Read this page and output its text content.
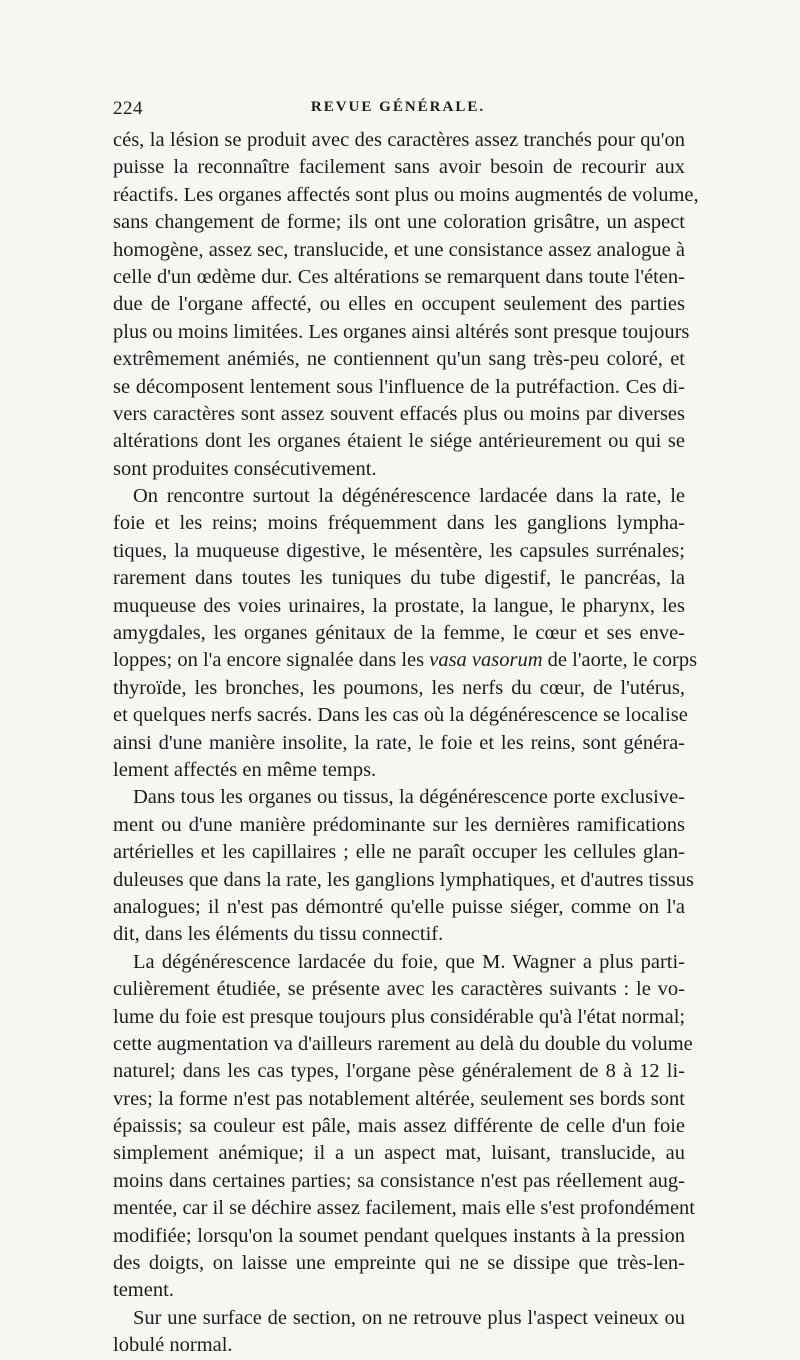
224	REVUE GÉNÉRALE.
cés, la lésion se produit avec des caractères assez tranchés pour qu'on
puisse la reconnaître facilement sans avoir besoin de recourir aux
réactifs. Les organes affectés sont plus ou moins augmentés de volume,
sans changement de forme; ils ont une coloration grisâtre, un aspect
homogène, assez sec, translucide, et une consistance assez analogue à
celle d'un œdème dur. Ces altérations se remarquent dans toute l'éten-
due de l'organe affecté, ou elles en occupent seulement des parties
plus ou moins limitées. Les organes ainsi altérés sont presque toujours
extrêmement anémiés, ne contiennent qu'un sang très-peu coloré, et
se décomposent lentement sous l'influence de la putréfaction. Ces di-
vers caractères sont assez souvent effacés plus ou moins par diverses
altérations dont les organes étaient le siége antérieurement ou qui se
sont produites consécutivement.
On rencontre surtout la dégénérescence lardacée dans la rate, le
foie et les reins; moins fréquemment dans les ganglions lympha-
tiques, la muqueuse digestive, le mésentère, les capsules surrénales;
rarement dans toutes les tuniques du tube digestif, le pancréas, la
muqueuse des voies urinaires, la prostate, la langue, le pharynx, les
amygdales, les organes génitaux de la femme, le cœur et ses enve-
loppes; on l'a encore signalée dans les vasa vasorum de l'aorte, le corps
thyroïde, les bronches, les poumons, les nerfs du cœur, de l'utérus,
et quelques nerfs sacrés. Dans les cas où la dégénérescence se localise
ainsi d'une manière insolite, la rate, le foie et les reins, sont généra-
lement affectés en même temps.
Dans tous les organes ou tissus, la dégénérescence porte exclusive-
ment ou d'une manière prédominante sur les dernières ramifications
artérielles et les capillaires ; elle ne paraît occuper les cellules glan-
duleuses que dans la rate, les ganglions lymphatiques, et d'autres tissus
analogues; il n'est pas démontré qu'elle puisse siéger, comme on l'a
dit, dans les éléments du tissu connectif.
La dégénérescence lardacée du foie, que M. Wagner a plus parti-
culièrement étudiée, se présente avec les caractères suivants : le vo-
lume du foie est presque toujours plus considérable qu'à l'état normal;
cette augmentation va d'ailleurs rarement au delà du double du volume
naturel; dans les cas types, l'organe pèse généralement de 8 à 12 li-
vres; la forme n'est pas notablement altérée, seulement ses bords sont
épaissis; sa couleur est pâle, mais assez différente de celle d'un foie
simplement anémique; il a un aspect mat, luisant, translucide, au
moins dans certaines parties; sa consistance n'est pas réellement aug-
mentée, car il se déchire assez facilement, mais elle s'est profondément
modifiée; lorsqu'on la soumet pendant quelques instants à la pression
des doigts, on laisse une empreinte qui ne se dissipe que très-len-
tement.
Sur une surface de section, on ne retrouve plus l'aspect veineux ou
lobulé normal.
